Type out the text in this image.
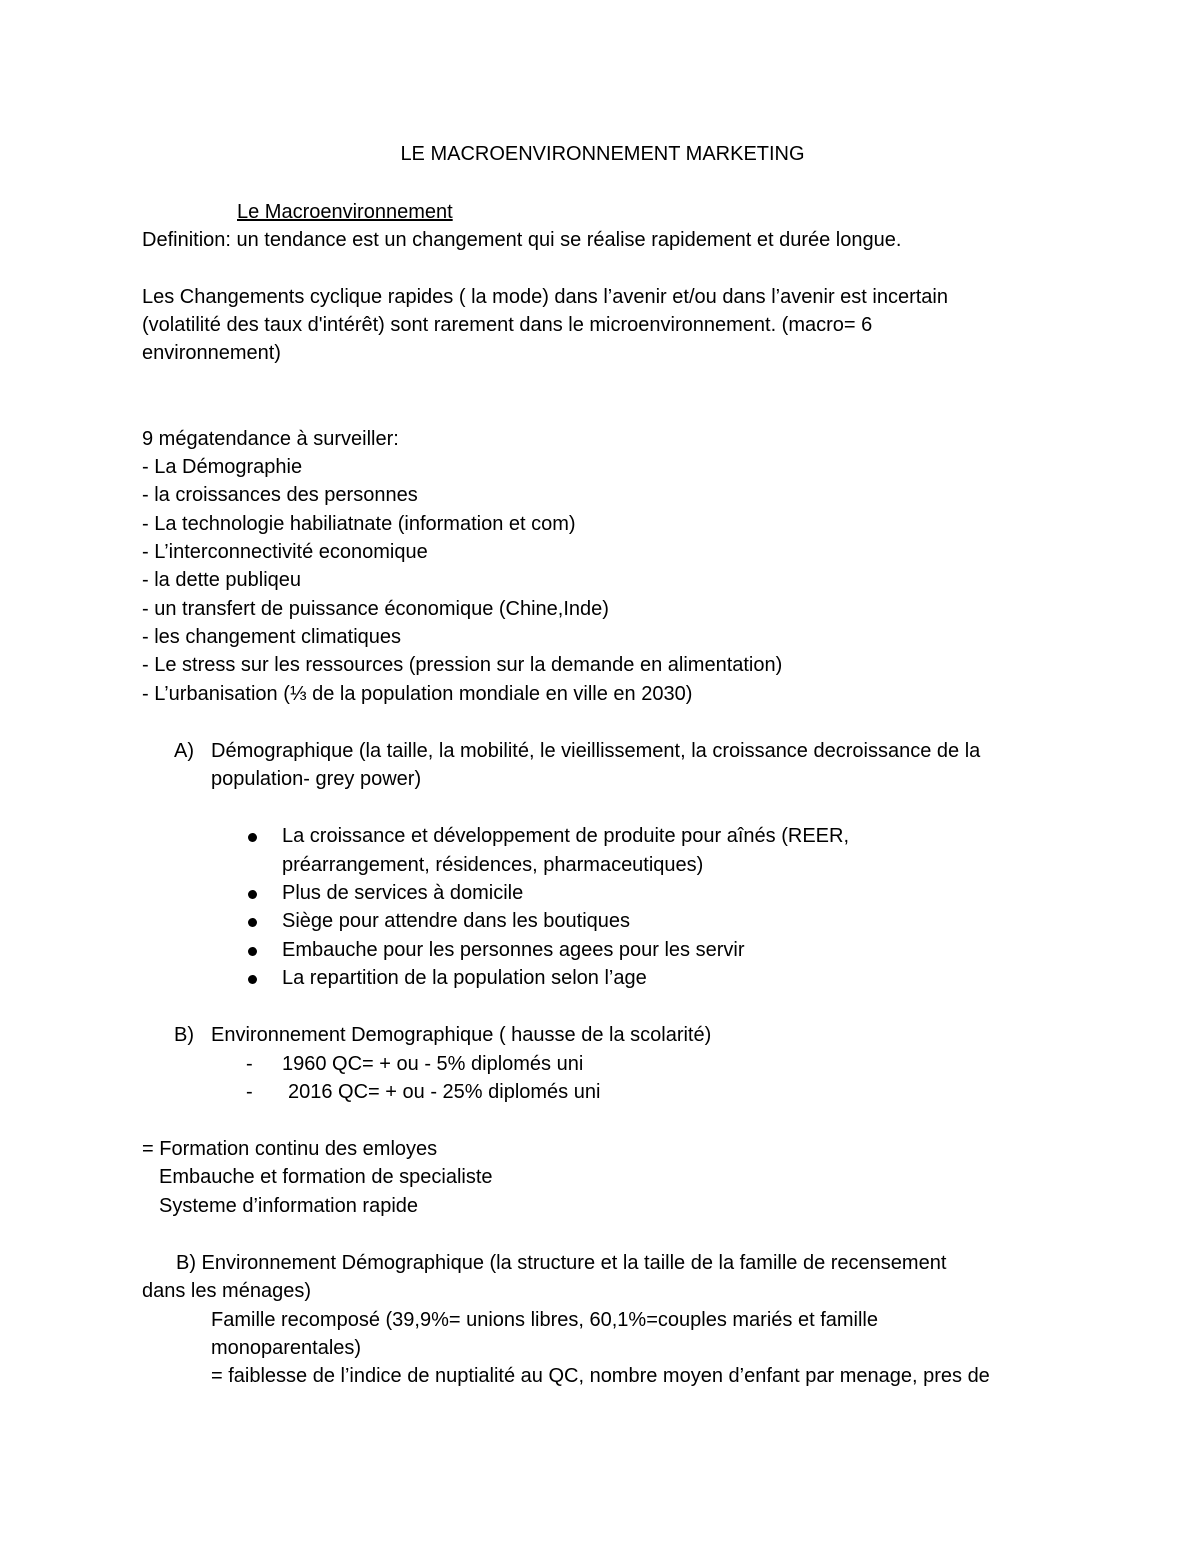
LE MACROENVIRONNEMENT MARKETING
Le Macroenvironnement
Definition: un tendance est un changement qui se réalise rapidement et durée longue.
Les Changements cyclique rapides ( la mode) dans l’avenir et/ou dans l’avenir est incertain
(volatilité des taux d'intérêt) sont rarement dans le microenvironnement. (macro= 6
environnement)
9 mégatendance à surveiller:
- La Démographie
- la croissances des personnes
- La technologie habiliatnate (information et com)
- L’interconnectivité economique
- la dette publiqeu
- un transfert de puissance économique (Chine,Inde)
- les changement climatiques
- Le stress sur les ressources (pression sur la demande en alimentation)
- L’urbanisation (⅓ de la population mondiale en ville en 2030)
A) Démographique (la taille, la mobilité, le vieillissement, la croissance decroissance de la
population- grey power)
La croissance et développement de produite pour aînés (REER,
préarrangement, résidences, pharmaceutiques)
Plus de services à domicile
Siège pour attendre dans les boutiques
Embauche pour les personnes agees pour les servir
La repartition de la population selon l’age
B) Environnement Demographique ( hausse de la scolarité)
- 1960 QC= + ou - 5% diplomés uni
- 2016 QC= + ou - 25% diplomés uni
= Formation continu des emloyes
Embauche et formation de specialiste
Systeme d’information rapide
B) Environnement Démographique (la structure et la taille de la famille de recensement
dans les ménages)
Famille recomposé (39,9%= unions libres, 60,1%=couples mariés et famille
monoparentales)
= faiblesse de l’indice de nuptialité au QC, nombre moyen d’enfant par menage, pres de
